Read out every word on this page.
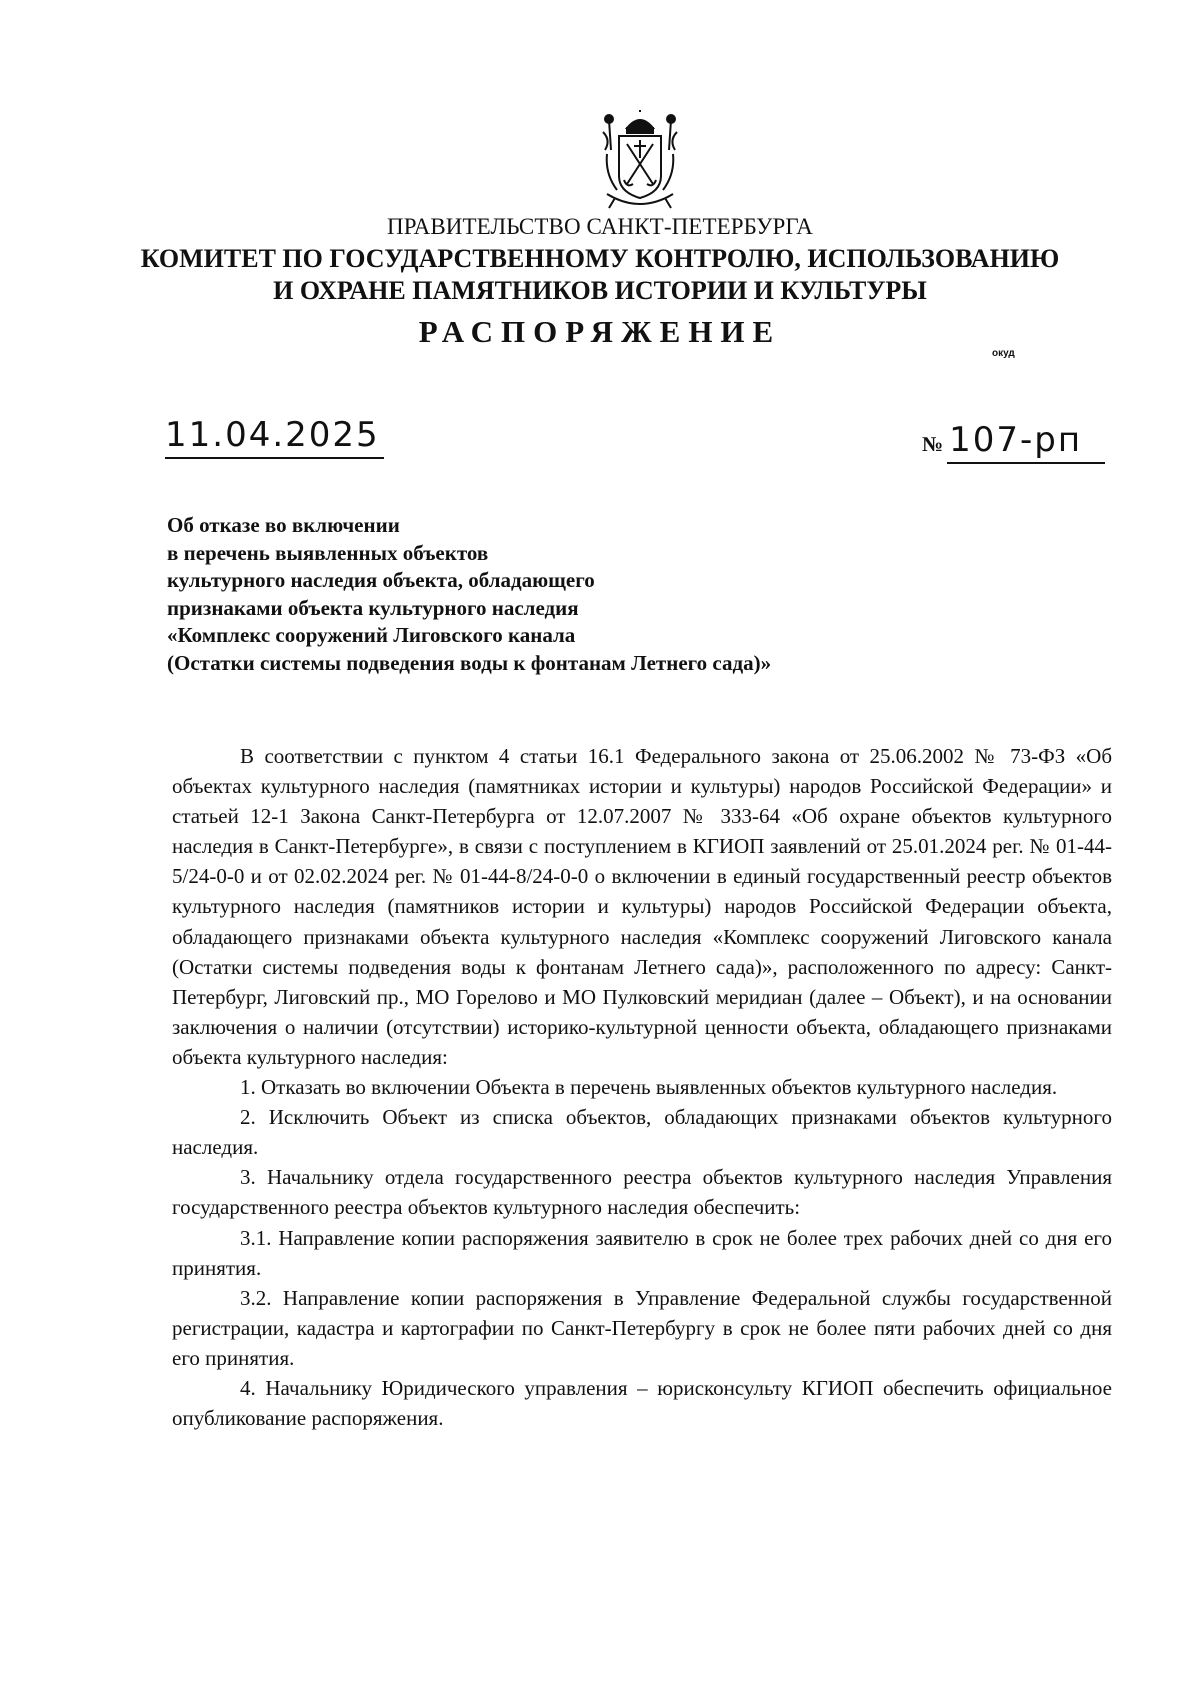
ПРАВИТЕЛЬСТВО САНКТ-ПЕТЕРБУРГА
КОМИТЕТ ПО ГОСУДАРСТВЕННОМУ КОНТРОЛЮ, ИСПОЛЬЗОВАНИЮ
И ОХРАНЕ ПАМЯТНИКОВ ИСТОРИИ И КУЛЬТУРЫ
РАСПОРЯЖЕНИЕ
окуд
11.04.2025	№ 107-рп
Об отказе во включении
в перечень выявленных объектов
культурного наследия объекта, обладающего
признаками объекта культурного наследия
«Комплекс сооружений Лиговского канала
(Остатки системы подведения воды к фонтанам Летнего сада)»

В соответствии с пунктом 4 статьи 16.1 Федерального закона от 25.06.2002 № 73-ФЗ «Об объектах культурного наследия (памятниках истории и культуры) народов Российской Федерации» и статьей 12-1 Закона Санкт-Петербурга от 12.07.2007 № 333-64 «Об охране объектов культурного наследия в Санкт-Петербурге», в связи с поступлением в КГИОП заявлений от 25.01.2024 рег. № 01-44-5/24-0-0 и от 02.02.2024 рег. № 01-44-8/24-0-0 о включении в единый государственный реестр объектов культурного наследия (памятников истории и культуры) народов Российской Федерации объекта, обладающего признаками объекта культурного наследия «Комплекс сооружений Лиговского канала (Остатки системы подведения воды к фонтанам Летнего сада)», расположенного по адресу: Санкт-Петербург, Лиговский пр., МО Горелово и МО Пулковский меридиан (далее – Объект), и на основании заключения о наличии (отсутствии) историко-культурной ценности объекта, обладающего признаками объекта культурного наследия:

1. Отказать во включении Объекта в перечень выявленных объектов культурного наследия.

2. Исключить Объект из списка объектов, обладающих признаками объектов культурного наследия.

3. Начальнику отдела государственного реестра объектов культурного наследия Управления государственного реестра объектов культурного наследия обеспечить:

3.1. Направление копии распоряжения заявителю в срок не более трех рабочих дней со дня его принятия.

3.2. Направление копии распоряжения в Управление Федеральной службы государственной регистрации, кадастра и картографии по Санкт-Петербургу в срок не более пяти рабочих дней со дня его принятия.

4. Начальнику Юридического управления – юрисконсульту КГИОП обеспечить официальное опубликование распоряжения.
